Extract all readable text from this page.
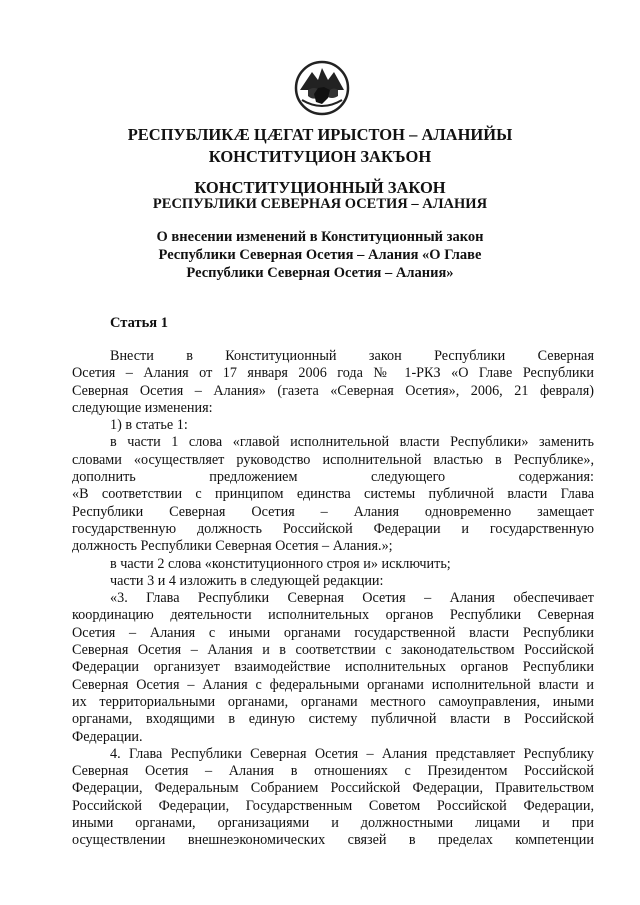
РЕСПУБЛИКÆ ЦÆГАТ ИРЫСТОН – АЛАНИЙЫ
КОНСТИТУЦИОН ЗАКЪОН
КОНСТИТУЦИОННЫЙ ЗАКОН
РЕСПУБЛИКИ СЕВЕРНАЯ ОСЕТИЯ – АЛАНИЯ
О внесении изменений в Конституционный закон
Республики Северная Осетия – Алания «О Главе
Республики Северная Осетия – Алания»
Статья 1
Внести в Конституционный закон Республики Северная
Осетия – Алания от 17 января 2006 года № 1-РКЗ «О Главе Республики
Северная Осетия – Алания» (газета «Северная Осетия», 2006, 21 февраля)
следующие изменения:
1) в статье 1:
в части 1 слова «главой исполнительной власти Республики» заменить
словами «осуществляет руководство исполнительной властью в Республике»,
дополнить предложением следующего содержания:
«В соответствии с принципом единства системы публичной власти Глава
Республики Северная Осетия – Алания одновременно замещает
государственную должность Российской Федерации и государственную
должность Республики Северная Осетия – Алания.»;
в части 2 слова «конституционного строя и» исключить;
части 3 и 4 изложить в следующей редакции:
«3. Глава Республики Северная Осетия – Алания обеспечивает
координацию деятельности исполнительных органов Республики Северная
Осетия – Алания с иными органами государственной власти Республики
Северная Осетия – Алания и в соответствии с законодательством Российской
Федерации организует взаимодействие исполнительных органов Республики
Северная Осетия – Алания с федеральными органами исполнительной власти и
их территориальными органами, органами местного самоуправления, иными
органами, входящими в единую систему публичной власти в Российской
Федерации.
4. Глава Республики Северная Осетия – Алания представляет Республику
Северная Осетия – Алания в отношениях с Президентом Российской
Федерации, Федеральным Собранием Российской Федерации, Правительством
Российской Федерации, Государственным Советом Российской Федерации,
иными органами, организациями и должностными лицами и при
осуществлении внешнеэкономических связей в пределах компетенции
